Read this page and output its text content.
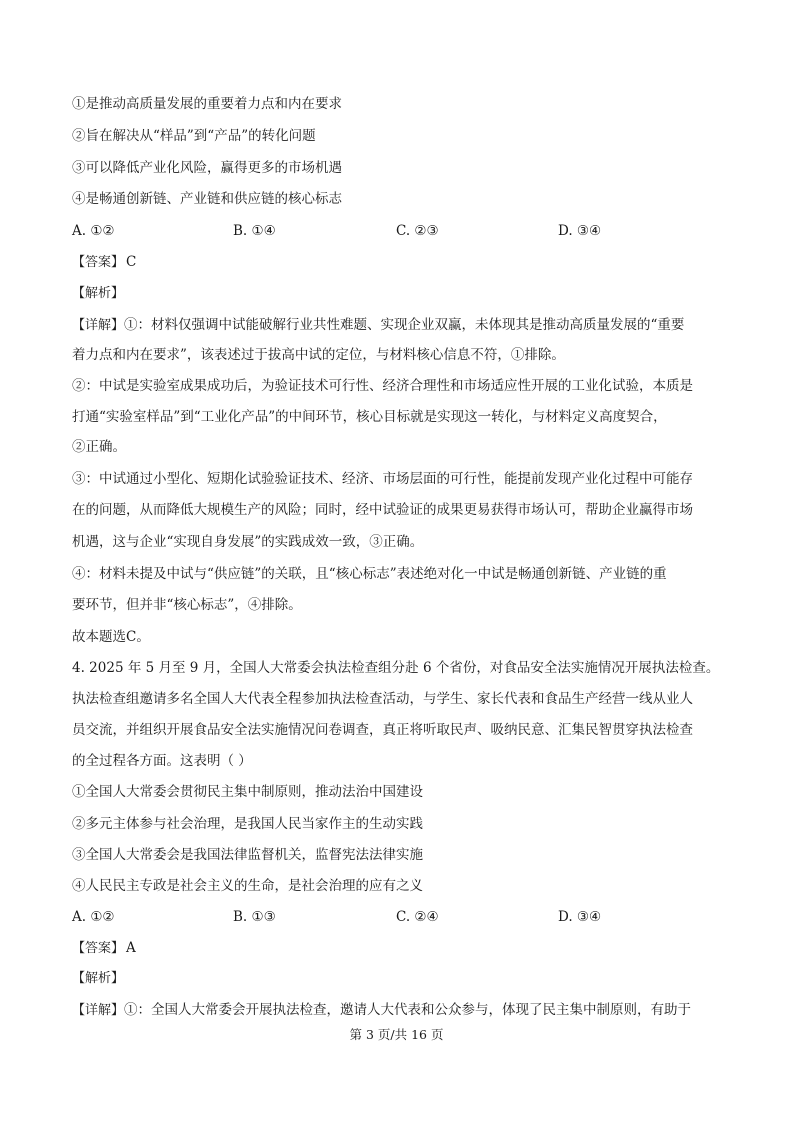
①是推动高质量发展的重要着力点和内在要求
②旨在解决从“样品”到“产品”的转化问题
③可以降低产业化风险，赢得更多的市场机遇
④是畅通创新链、产业链和供应链的核心标志
A. ①②	B. ①④	C. ②③	D. ③④
【答案】 C
【解析】
【详解】①：材料仅强调中试能破解行业共性难题、实现企业双赢，未体现其是推动高质量发展的“重要
着力点和内在要求”，该表述过于拔高中试的定位，与材料核心信息不符，①排除。
②：中试是实验室成果成功后，为验证技术可行性、经济合理性和市场适应性开展的工业化试验，本质是
打通“实验室样品”到“工业化产品”的中间环节，核心目标就是实现这一转化，与材料定义高度契合，
②正确。
③：中试通过小型化、短期化试验验证技术、经济、市场层面的可行性，能提前发现产业化过程中可能存
在的问题，从而降低大规模生产的风险；同时，经中试验证的成果更易获得市场认可，帮助企业赢得市场
机遇，这与企业“实现自身发展”的实践成效一致，③正确。
④：材料未提及中试与“供应链”的关联，且“核心标志”表述绝对化一中试是畅通创新链、产业链的重
要环节，但并非“核心标志”，④排除。
故本题选C。
4. 2025 年 5 月至 9 月，全国人大常委会执法检查组分赴 6 个省份，对食品安全法实施情况开展执法检查。
执法检查组邀请多名全国人大代表全程参加执法检查活动，与学生、家长代表和食品生产经营一线从业人
员交流，并组织开展食品安全法实施情况问卷调查，真正将听取民声、吸纳民意、汇集民智贯穿执法检查
的全过程各方面。这表明（ ）
①全国人大常委会贯彻民主集中制原则，推动法治中国建设
②多元主体参与社会治理，是我国人民当家作主的生动实践
③全国人大常委会是我国法律监督机关，监督宪法法律实施
④人民民主专政是社会主义的生命，是社会治理的应有之义
A. ①②	B. ①③	C. ②④	D. ③④
【答案】 A
【解析】
【详解】①：全国人大常委会开展执法检查，邀请人大代表和公众参与，体现了民主集中制原则，有助于
第 3 页/共 16 页
